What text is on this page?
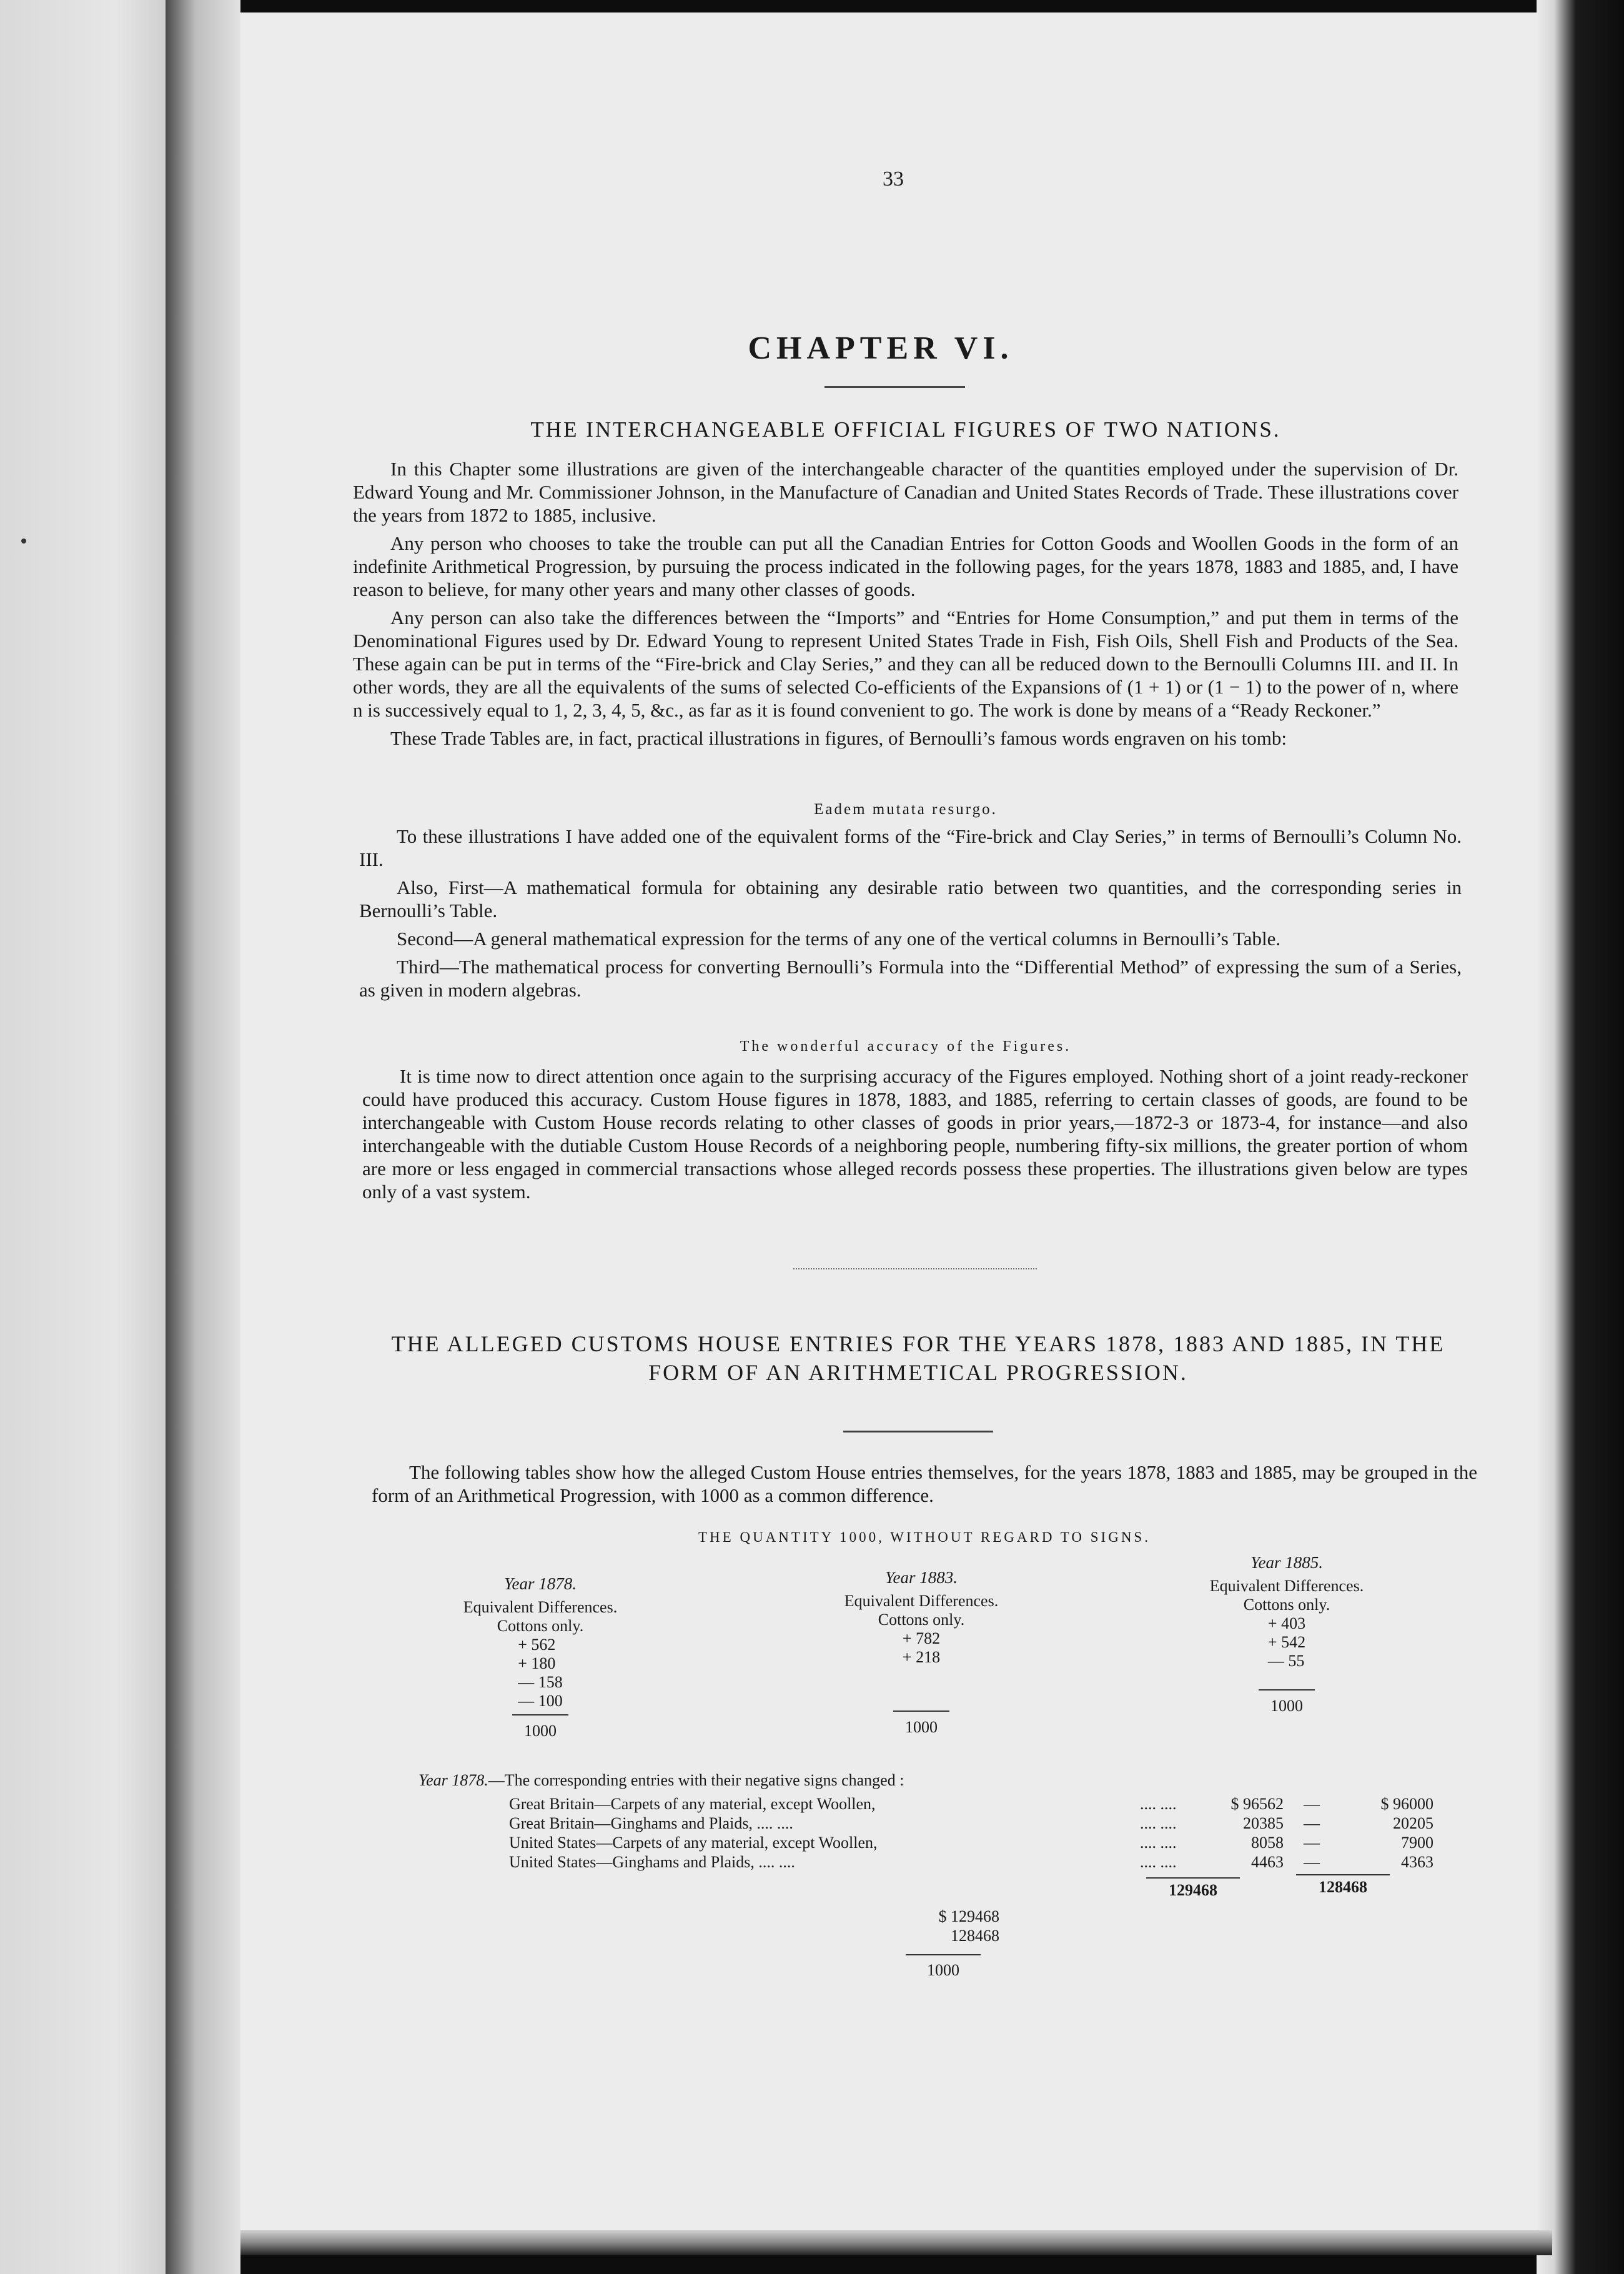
33
CHAPTER VI.
THE INTERCHANGEABLE OFFICIAL FIGURES OF TWO NATIONS.

In this Chapter some illustrations are given of the interchangeable character of the quantities employed under the supervision of Dr. Edward Young and Mr. Commissioner Johnson, in the Manufacture of Canadian and United States Records of Trade. These illustrations cover the years from 1872 to 1885, inclusive.

Any person who chooses to take the trouble can put all the Canadian Entries for Cotton Goods and Woollen Goods in the form of an indefinite Arithmetical Progression, by pursuing the process indicated in the following pages, for the years 1878, 1883 and 1885, and, I have reason to believe, for many other years and many other classes of goods.

Any person can also take the differences between the “Imports” and “Entries for Home Consumption,” and put them in terms of the Denominational Figures used by Dr. Edward Young to represent United States Trade in Fish, Fish Oils, Shell Fish and Products of the Sea. These again can be put in terms of the “Fire-brick and Clay Series,” and they can all be reduced down to the Bernoulli Columns III. and II. In other words, they are all the equivalents of the sums of selected Co-efficients of the Expansions of (1 + 1) or (1 − 1) to the power of n, where n is successively equal to 1, 2, 3, 4, 5, &c., as far as it is found convenient to go. The work is done by means of a “Ready Reckoner.”

These Trade Tables are, in fact, practical illustrations in figures, of Bernoulli’s famous words engraven on his tomb:

Eadem mutata resurgo.

To these illustrations I have added one of the equivalent forms of the “Fire-brick and Clay Series,” in terms of Bernoulli’s Column No. III.

Also, First—A mathematical formula for obtaining any desirable ratio between two quantities, and the corresponding series in Bernoulli’s Table.

Second—A general mathematical expression for the terms of any one of the vertical columns in Bernoulli’s Table.

Third—The mathematical process for converting Bernoulli’s Formula into the “Differential Method” of expressing the sum of a Series, as given in modern algebras.

The wonderful accuracy of the Figures.

It is time now to direct attention once again to the surprising accuracy of the Figures employed. Nothing short of a joint ready-reckoner could have produced this accuracy. Custom House figures in 1878, 1883, and 1885, referring to certain classes of goods, are found to be interchangeable with Custom House records relating to other classes of goods in prior years,—1872-3 or 1873-4, for instance—and also interchangeable with the dutiable Custom House Records of a neighboring people, numbering fifty-six millions, the greater portion of whom are more or less engaged in commercial transactions whose alleged records possess these properties. The illustrations given below are types only of a vast system.

THE ALLEGED CUSTOMS HOUSE ENTRIES FOR THE YEARS 1878, 1883 AND 1885, IN THE
FORM OF AN ARITHMETICAL PROGRESSION.

The following tables show how the alleged Custom House entries themselves, for the years 1878, 1883 and 1885, may be grouped in the form of an Arithmetical Progression, with 1000 as a common difference.

THE QUANTITY 1000, WITHOUT REGARD TO SIGNS.
Year 1878.
Equivalent Differences.
Cottons only.
+ 562
+ 180
— 158
— 100
1000
Year 1883.
Equivalent Differences.
Cottons only.
+ 782
+ 218
1000
Year 1885.
Equivalent Differences.
Cottons only.
+ 403
+ 542
— 55
1000
Year 1878.—The corresponding entries with their negative signs changed :
Great Britain—Carpets of any material, except Woollen,	.... ....	$ 96562	—	$ 96000
Great Britain—Ginghams and Plaids, .... ....	.... ....	20385	—	20205
United States—Carpets of any material, except Woollen,	.... ....	8058	—	7900
United States—Ginghams and Plaids, .... ....	.... ....	4463	—	4363
129468	128468
$ 129468
128468
1000
